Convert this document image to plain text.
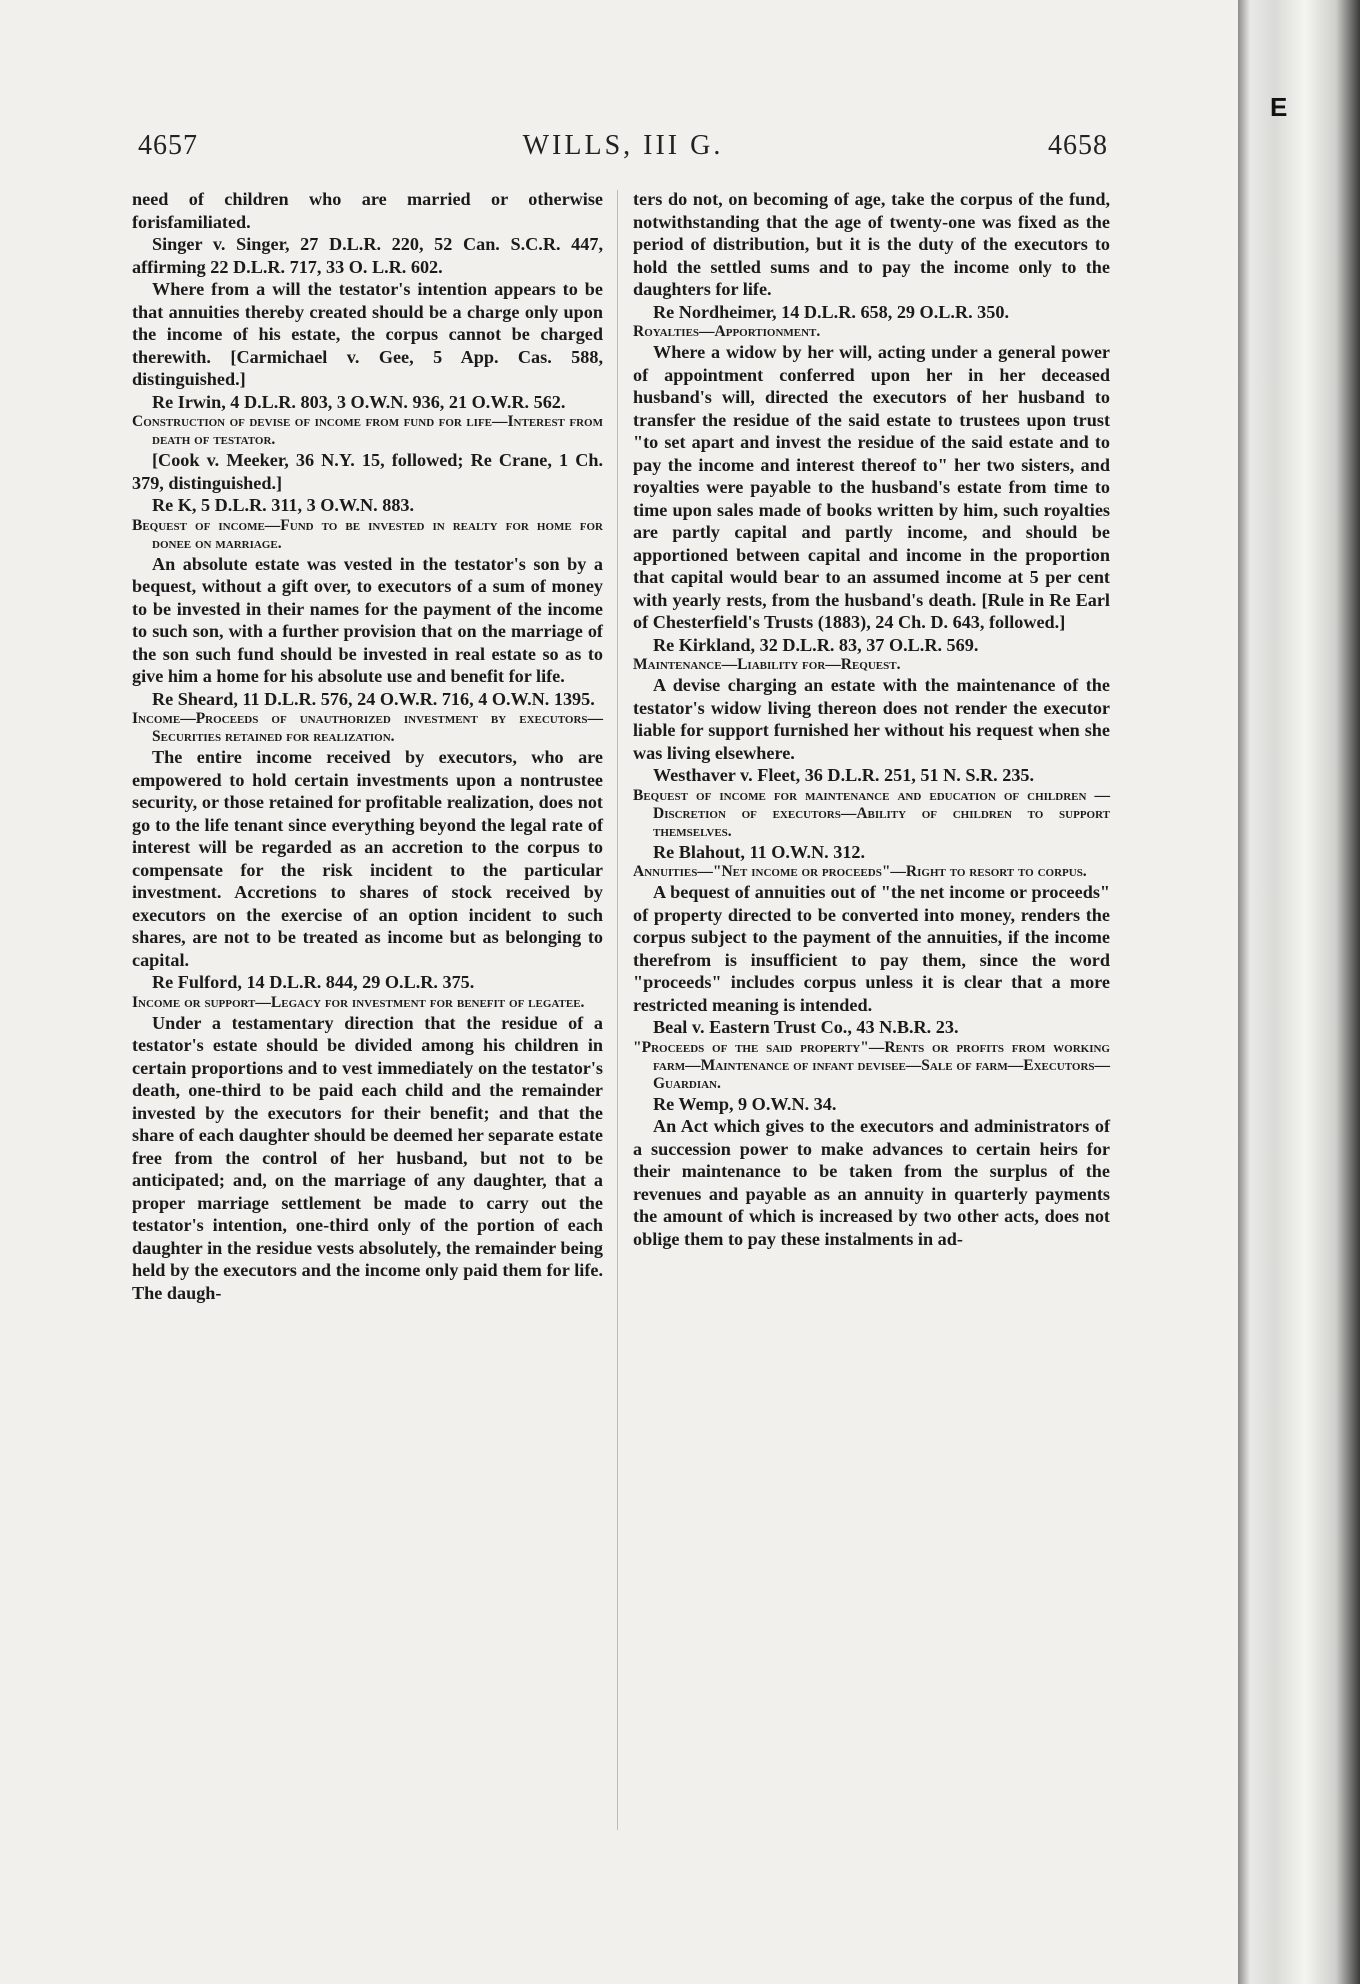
4657	WILLS, III G.	4658

need of children who are married or otherwise forisfamiliated.

Singer v. Singer, 27 D.L.R. 220, 52 Can. S.C.R. 447, affirming 22 D.L.R. 717, 33 O. L.R. 602.

Where from a will the testator's intention appears to be that annuities thereby created should be a charge only upon the income of his estate, the corpus cannot be charged therewith. [Carmichael v. Gee, 5 App. Cas. 588, distinguished.]

Re Irwin, 4 D.L.R. 803, 3 O.W.N. 936, 21 O.W.R. 562.

Construction of devise of income from fund for life—Interest from death of testator.

[Cook v. Meeker, 36 N.Y. 15, followed; Re Crane, 1 Ch. 379, distinguished.]

Re K, 5 D.L.R. 311, 3 O.W.N. 883.

Bequest of income—Fund to be invested in realty for home for donee on marriage.

An absolute estate was vested in the testator's son by a bequest, without a gift over, to executors of a sum of money to be invested in their names for the payment of the income to such son, with a further provision that on the marriage of the son such fund should be invested in real estate so as to give him a home for his absolute use and benefit for life.

Re Sheard, 11 D.L.R. 576, 24 O.W.R. 716, 4 O.W.N. 1395.

Income—Proceeds of unauthorized investment by executors—Securities retained for realization.

The entire income received by executors, who are empowered to hold certain investments upon a nontrustee security, or those retained for profitable realization, does not go to the life tenant since everything beyond the legal rate of interest will be regarded as an accretion to the corpus to compensate for the risk incident to the particular investment. Accretions to shares of stock received by executors on the exercise of an option incident to such shares, are not to be treated as income but as belonging to capital.

Re Fulford, 14 D.L.R. 844, 29 O.L.R. 375.

Income or support—Legacy for investment for benefit of legatee.

Under a testamentary direction that the residue of a testator's estate should be divided among his children in certain proportions and to vest immediately on the testator's death, one-third to be paid each child and the remainder invested by the executors for their benefit; and that the share of each daughter should be deemed her separate estate free from the control of her husband, but not to be anticipated; and, on the marriage of any daughter, that a proper marriage settlement be made to carry out the testator's intention, one-third only of the portion of each daughter in the residue vests absolutely, the remainder being held by the executors and the income only paid them for life. The daugh-

ters do not, on becoming of age, take the corpus of the fund, notwithstanding that the age of twenty-one was fixed as the period of distribution, but it is the duty of the executors to hold the settled sums and to pay the income only to the daughters for life.

Re Nordheimer, 14 D.L.R. 658, 29 O.L.R. 350.

Royalties—Apportionment.

Where a widow by her will, acting under a general power of appointment conferred upon her in her deceased husband's will, directed the executors of her husband to transfer the residue of the said estate to trustees upon trust "to set apart and invest the residue of the said estate and to pay the income and interest thereof to" her two sisters, and royalties were payable to the husband's estate from time to time upon sales made of books written by him, such royalties are partly capital and partly income, and should be apportioned between capital and income in the proportion that capital would bear to an assumed income at 5 per cent with yearly rests, from the husband's death. [Rule in Re Earl of Chesterfield's Trusts (1883), 24 Ch. D. 643, followed.]

Re Kirkland, 32 D.L.R. 83, 37 O.L.R. 569.

Maintenance—Liability for—Request.

A devise charging an estate with the maintenance of the testator's widow living thereon does not render the executor liable for support furnished her without his request when she was living elsewhere.

Westhaver v. Fleet, 36 D.L.R. 251, 51 N. S.R. 235.

Bequest of income for maintenance and education of children — Discretion of executors—Ability of children to support themselves.

Re Blahout, 11 O.W.N. 312.

Annuities—"Net income or proceeds"—Right to resort to corpus.

A bequest of annuities out of "the net income or proceeds" of property directed to be converted into money, renders the corpus subject to the payment of the annuities, if the income therefrom is insufficient to pay them, since the word "proceeds" includes corpus unless it is clear that a more restricted meaning is intended.

Beal v. Eastern Trust Co., 43 N.B.R. 23.

"Proceeds of the said property"—Rents or profits from working farm—Maintenance of infant devisee—Sale of farm—Executors—Guardian.

Re Wemp, 9 O.W.N. 34.

An Act which gives to the executors and administrators of a succession power to make advances to certain heirs for their maintenance to be taken from the surplus of the revenues and payable as an annuity in quarterly payments the amount of which is increased by two other acts, does not oblige them to pay these instalments in ad-

E
